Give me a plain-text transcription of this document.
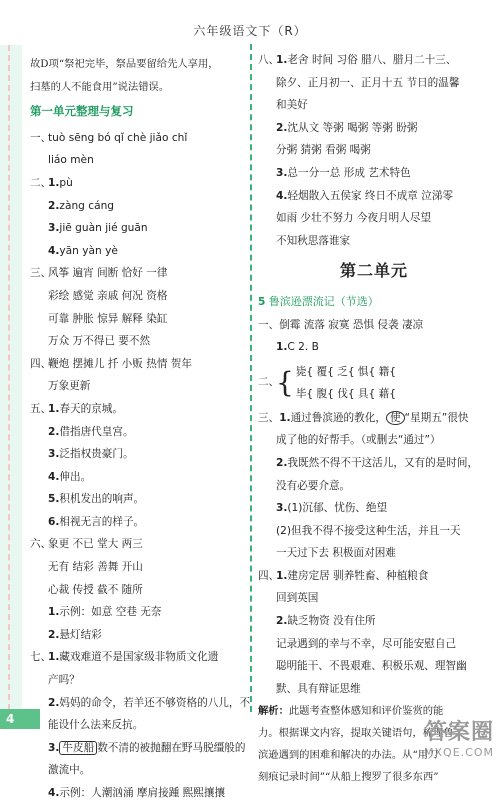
六年级语文下（R）
故D项“祭祀完毕，祭品要留给先人享用，
扫墓的人不能食用”说法错误。
第一单元整理与复习
一、tuò sēng bó qǐ chè jiǎo chǐ
liáo mèn
二、1.pù
2.zàng cáng
3.jiē guàn jié guān
4.yān yàn yè
三、风筝 遍宵 间断 恰好 一律
彩绘 感觉 亲戚 何况 资格
可靠 肿胀 惊异 解释 染缸
万众 万不得已 要不然
四、鞭炮 摆摊儿 扦 小贩 热情 贺年
万象更新
五、1.春天的京城。
2.借指唐代皇宫。
3.泛指权贵豪门。
4.伸出。
5.积机发出的响声。
6.相视无言的样子。
六、象更 不已 堂大 两三
无有 结彩 善舞 开山
心裁 传授 截不 随所
1.示例：如意 空巷 无奈
2.悬灯结彩
七、1.藏戏难道不是国家级非物质文化遗
产吗？
2.妈妈的命令，若羊还不够资格的八儿，不
能设什么法来反抗。
3. 牛皮船 数不清的被抛翻在野马脱缰般的
激流中。
4.示例：人潮汹涌 摩肩接踵 熙熙攘攘
八、1.老舍 时间 习俗 腊八、腊月二十三、
除夕、正月初一、正月十五 节日的温馨
和美好
2.沈从文 等粥 喝粥 等粥 盼粥
分粥 猜粥 看粥 喝粥
3.总一分一总 形成 艺术特色
4.轻烟散入五侯家 终日不成章 泣涕零
如雨 少壮不努力 今夜月明人尽望
不知秋思落谁家
第二单元
5 鲁滨逊漂流记（节选）
一、倒霉 流落 寂寞 恐惧 侵袭 凄凉
1.C 2. B
二、
{ 毙{ 覆{ 乏{ 惧{ 籍{
毕{ 腹{ 伐{ 具{ 藉{
三、1.通过鲁滨逊的教化， 使 “星期五”很快
成了他的好帮手。（或删去“通过”）
2.我既然不得不干这活儿，又有的是时间，
没有必要介意。
3.(1)沉郁、忧伤、绝望
(2)但我不得不接受这种生活，并且一天
一天过下去 积极面对困难
四、1.建房定居 驯养牲畜、种植粮食
回到英国
2.缺乏物资 没有住所
记录遇到的幸与不幸，尽可能安慰自己
聪明能干、不畏艰难、积极乐观、理智幽
默、具有辩证思维
解析：此题考查整体感知和评价鉴赏的能
力。根据课文内容，提取关键语句，梳理鲁
滨逊遇到的困难和解决的办法。从“用刀
刻痕记录时间”“从船上搜罗了很多东西”
4
答案圈
MXQE.COM
